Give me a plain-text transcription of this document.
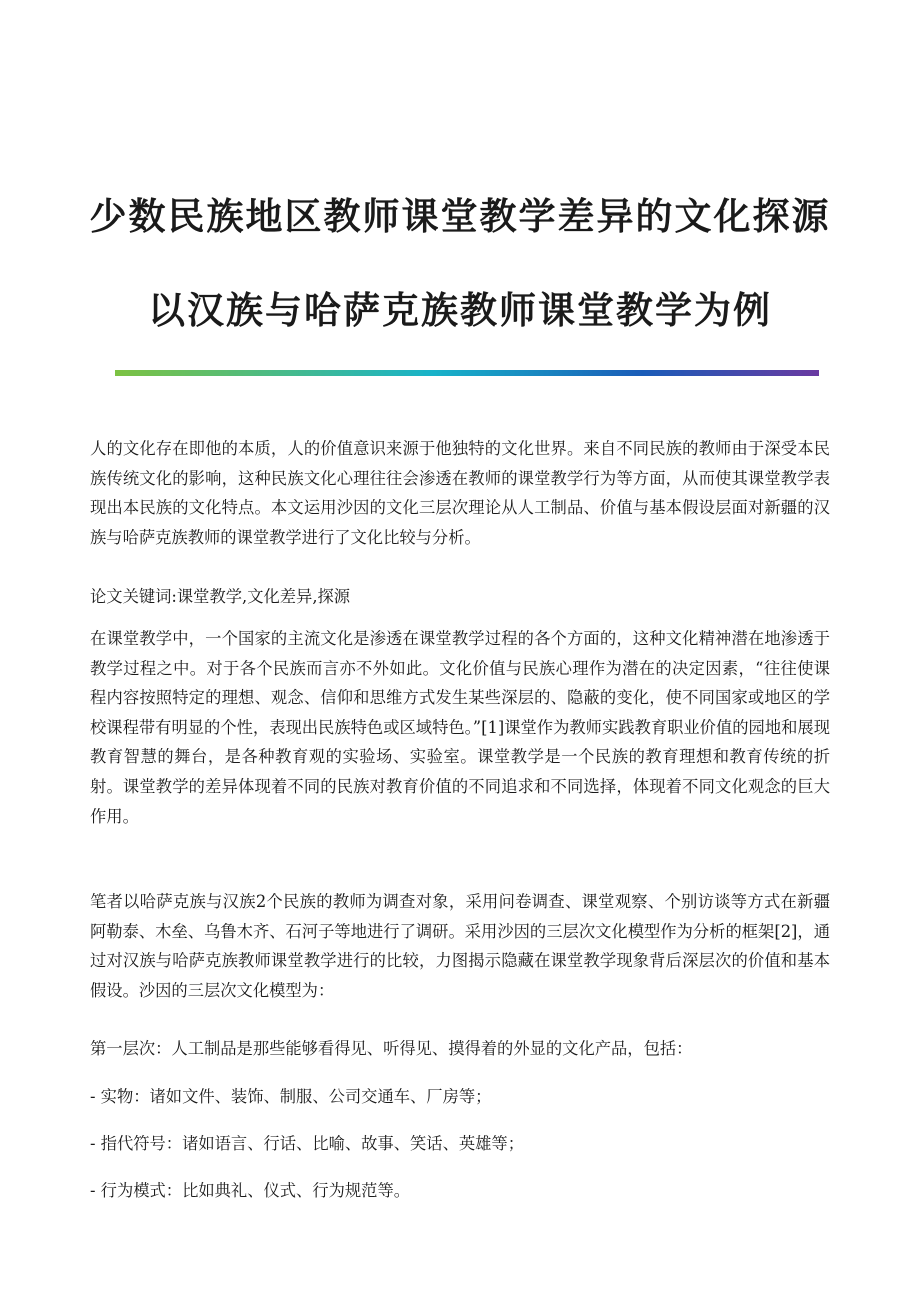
少数民族地区教师课堂教学差异的文化探源
以汉族与哈萨克族教师课堂教学为例

人的文化存在即他的本质，人的价值意识来源于他独特的文化世界。来自不同民族的教师由于深受本民族传统文化的影响，这种民族文化心理往往会渗透在教师的课堂教学行为等方面，从而使其课堂教学表现出本民族的文化特点。本文运用沙因的文化三层次理论从人工制品、价值与基本假设层面对新疆的汉族与哈萨克族教师的课堂教学进行了文化比较与分析。

论文关键词:课堂教学,文化差异,探源

在课堂教学中，一个国家的主流文化是渗透在课堂教学过程的各个方面的，这种文化精神潜在地渗透于教学过程之中。对于各个民族而言亦不外如此。文化价值与民族心理作为潜在的决定因素，“往往使课程内容按照特定的理想、观念、信仰和思维方式发生某些深层的、隐蔽的变化，使不同国家或地区的学校课程带有明显的个性，表现出民族特色或区域特色。”[1]课堂作为教师实践教育职业价值的园地和展现教育智慧的舞台，是各种教育观的实验场、实验室。课堂教学是一个民族的教育理想和教育传统的折射。课堂教学的差异体现着不同的民族对教育价值的不同追求和不同选择，体现着不同文化观念的巨大作用。

笔者以哈萨克族与汉族2个民族的教师为调查对象，采用问卷调查、课堂观察、个别访谈等方式在新疆阿勒泰、木垒、乌鲁木齐、石河子等地进行了调研。采用沙因的三层次文化模型作为分析的框架[2]，通过对汉族与哈萨克族教师课堂教学进行的比较，力图揭示隐藏在课堂教学现象背后深层次的价值和基本假设。沙因的三层次文化模型为：

第一层次：人工制品是那些能够看得见、听得见、摸得着的外显的文化产品，包括：

- 实物：诸如文件、装饰、制服、公司交通车、厂房等；

- 指代符号：诸如语言、行话、比喻、故事、笑话、英雄等；

- 行为模式：比如典礼、仪式、行为规范等。
